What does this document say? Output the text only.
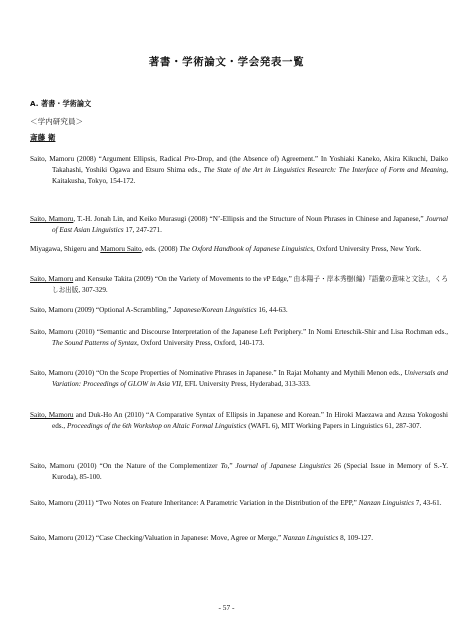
著書・学術論文・学会発表一覧
A. 著書・学術論文
＜学内研究員＞
斎藤 衛
Saito, Mamoru (2008) “Argument Ellipsis, Radical Pro-Drop, and (the Absence of) Agreement.” In Yoshiaki Kaneko, Akira Kikuchi, Daiko Takahashi, Yoshiki Ogawa and Etsuro Shima eds., The State of the Art in Linguistics Research: The Interface of Form and Meaning, Kaitakusha, Tokyo, 154-172.
Saito, Mamoru, T.-H. Jonah Lin, and Keiko Murasugi (2008) “N’-Ellipsis and the Structure of Noun Phrases in Chinese and Japanese,” Journal of East Asian Linguistics 17, 247-271.
Miyagawa, Shigeru and Mamoru Saito, eds. (2008) The Oxford Handbook of Japanese Linguistics, Oxford University Press, New York.
Saito, Mamoru and Kensuke Takita (2009) “On the Variety of Movements to the vP Edge,” 由本陽子・岸本秀樹(編)『語彙の意味と文法』，くろしお出版, 307-329.
Saito, Mamoru (2009) “Optional A-Scrambling,” Japanese/Korean Linguistics 16, 44-63.
Saito, Mamoru (2010) “Semantic and Discourse Interpretation of the Japanese Left Periphery.” In Nomi Erteschik-Shir and Lisa Rochman eds., The Sound Patterns of Syntax, Oxford University Press, Oxford, 140-173.
Saito, Mamoru (2010) “On the Scope Properties of Nominative Phrases in Japanese.” In Rajat Mohanty and Mythili Menon eds., Universals and Variation: Proceedings of GLOW in Asia VII, EFL University Press, Hyderabad, 313-333.
Saito, Mamoru and Duk-Ho An (2010) “A Comparative Syntax of Ellipsis in Japanese and Korean.” In Hiroki Maezawa and Azusa Yokogoshi eds., Proceedings of the 6th Workshop on Altaic Formal Linguistics (WAFL 6), MIT Working Papers in Linguistics 61, 287-307.
Saito, Mamoru (2010) “On the Nature of the Complementizer To,” Journal of Japanese Linguistics 26 (Special Issue in Memory of S.-Y. Kuroda), 85-100.
Saito, Mamoru (2011) “Two Notes on Feature Inheritance: A Parametric Variation in the Distribution of the EPP,” Nanzan Linguistics 7, 43-61.
Saito, Mamoru (2012) “Case Checking/Valuation in Japanese: Move, Agree or Merge,” Nanzan Linguistics 8, 109-127.
- 57 -
